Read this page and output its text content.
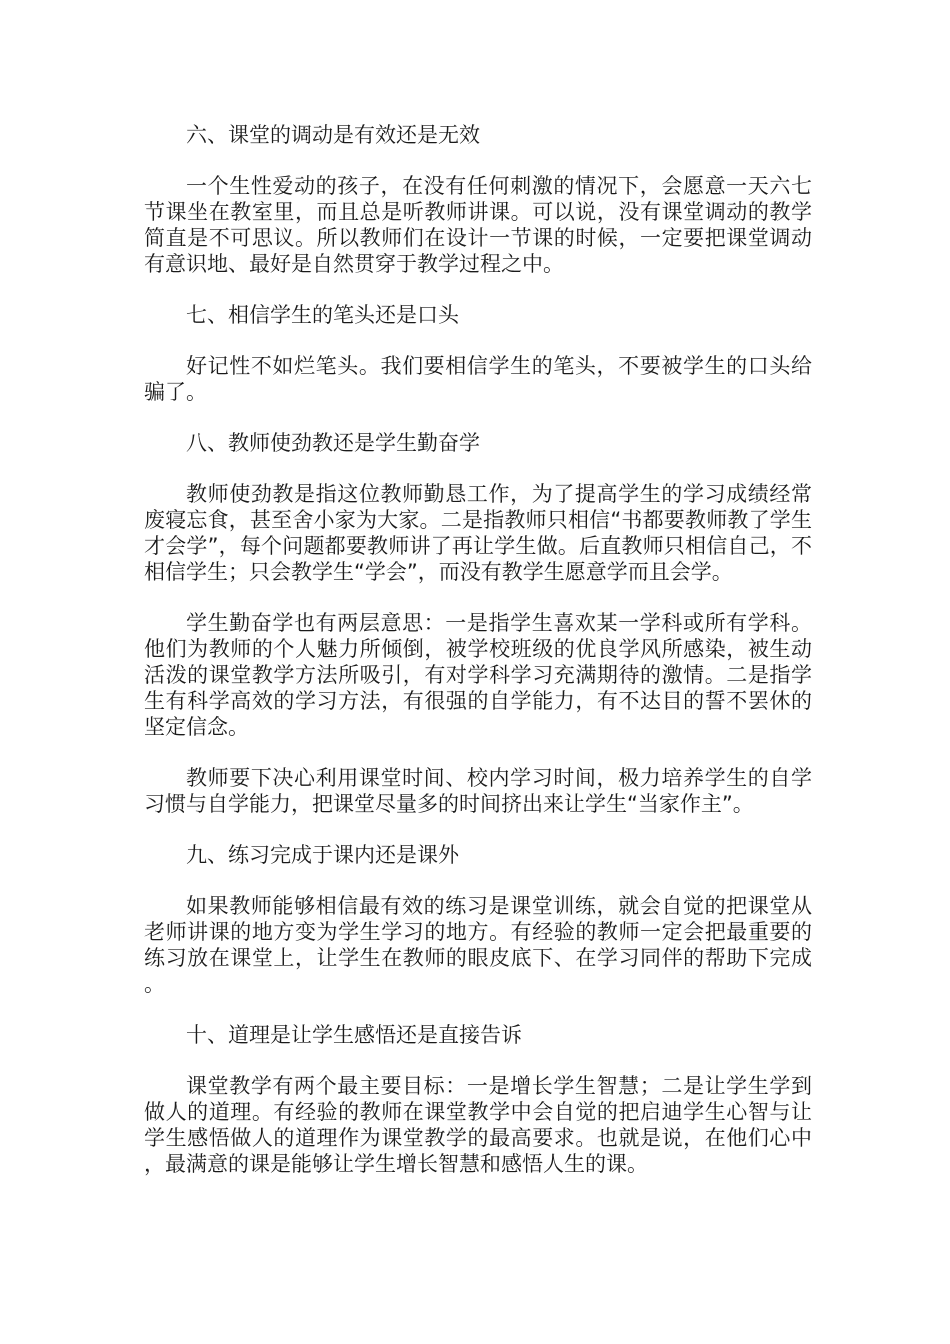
六、课堂的调动是有效还是无效

一个生性爱动的孩子，在没有任何刺激的情况下，会愿意一天六七节课坐在教室里，而且总是听教师讲课。可以说，没有课堂调动的教学简直是不可思议。所以教师们在设计一节课的时候，一定要把课堂调动有意识地、最好是自然贯穿于教学过程之中。

七、相信学生的笔头还是口头

好记性不如烂笔头。我们要相信学生的笔头，不要被学生的口头给骗了。

八、教师使劲教还是学生勤奋学

教师使劲教是指这位教师勤恳工作，为了提高学生的学习成绩经常废寝忘食，甚至舍小家为大家。二是指教师只相信“书都要教师教了学生才会学”，每个问题都要教师讲了再让学生做。后直教师只相信自己，不相信学生；只会教学生“学会”，而没有教学生愿意学而且会学。

学生勤奋学也有两层意思：一是指学生喜欢某一学科或所有学科。他们为教师的个人魅力所倾倒，被学校班级的优良学风所感染，被生动活泼的课堂教学方法所吸引，有对学科学习充满期待的激情。二是指学生有科学高效的学习方法，有很强的自学能力，有不达目的誓不罢休的坚定信念。

教师要下决心利用课堂时间、校内学习时间，极力培养学生的自学习惯与自学能力，把课堂尽量多的时间挤出来让学生“当家作主”。

九、练习完成于课内还是课外

如果教师能够相信最有效的练习是课堂训练，就会自觉的把课堂从老师讲课的地方变为学生学习的地方。有经验的教师一定会把最重要的练习放在课堂上，让学生在教师的眼皮底下、在学习同伴的帮助下完成。

十、道理是让学生感悟还是直接告诉

课堂教学有两个最主要目标：一是增长学生智慧；二是让学生学到做人的道理。有经验的教师在课堂教学中会自觉的把启迪学生心智与让学生感悟做人的道理作为课堂教学的最高要求。也就是说，在他们心中，最满意的课是能够让学生增长智慧和感悟人生的课。
